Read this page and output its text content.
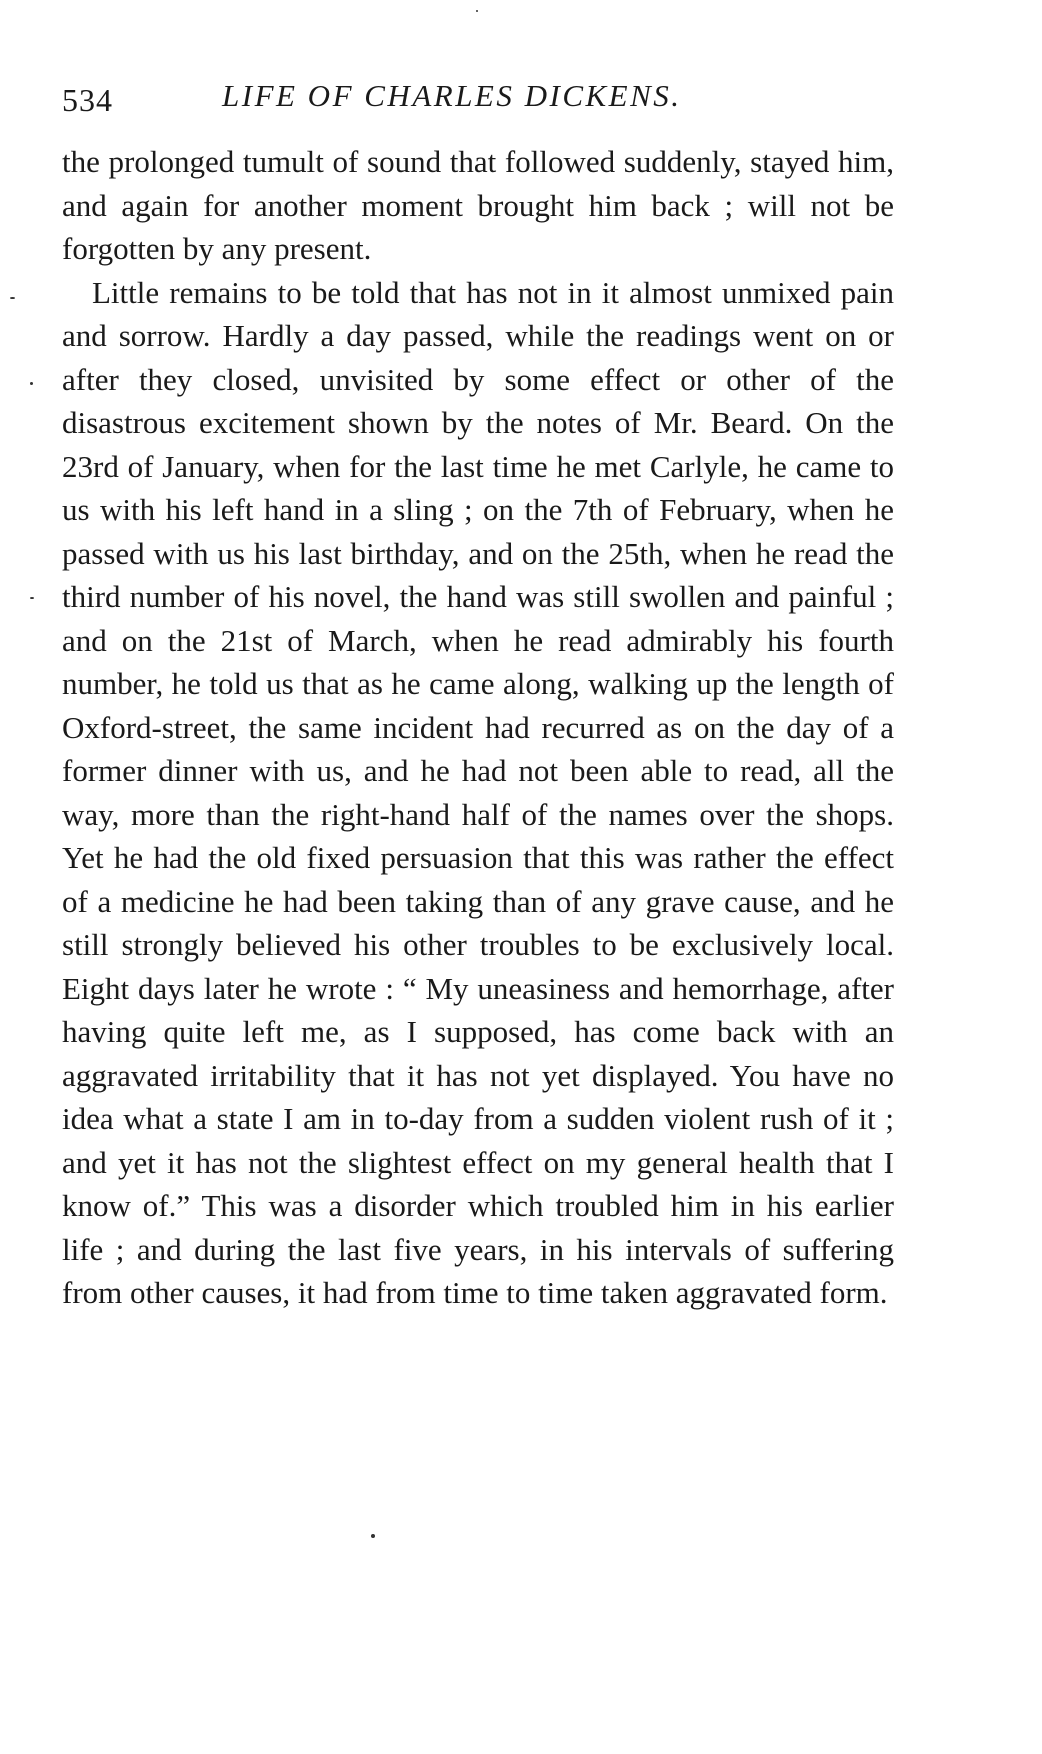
534	LIFE OF CHARLES DICKENS.

the prolonged tumult of sound that followed suddenly, stayed him, and again for another moment brought him back ; will not be forgotten by any present.

Little remains to be told that has not in it almost unmixed pain and sorrow. Hardly a day passed, while the readings went on or after they closed, unvisited by some effect or other of the disastrous excitement shown by the notes of Mr. Beard. On the 23rd of January, when for the last time he met Carlyle, he came to us with his left hand in a sling ; on the 7th of February, when he passed with us his last birthday, and on the 25th, when he read the third number of his novel, the hand was still swollen and painful ; and on the 21st of March, when he read admirably his fourth number, he told us that as he came along, walking up the length of Oxford-street, the same incident had recurred as on the day of a former dinner with us, and he had not been able to read, all the way, more than the right-hand half of the names over the shops. Yet he had the old fixed persuasion that this was rather the effect of a medicine he had been taking than of any grave cause, and he still strongly believed his other troubles to be exclusively local. Eight days later he wrote : “ My uneasiness and hemorrhage, after having quite left me, as I supposed, has come back with an aggravated irritability that it has not yet displayed. You have no idea what a state I am in to-day from a sudden violent rush of it ; and yet it has not the slightest effect on my general health that I know of.” This was a disorder which troubled him in his earlier life ; and during the last five years, in his intervals of suffering from other causes, it had from time to time taken aggravated form.
